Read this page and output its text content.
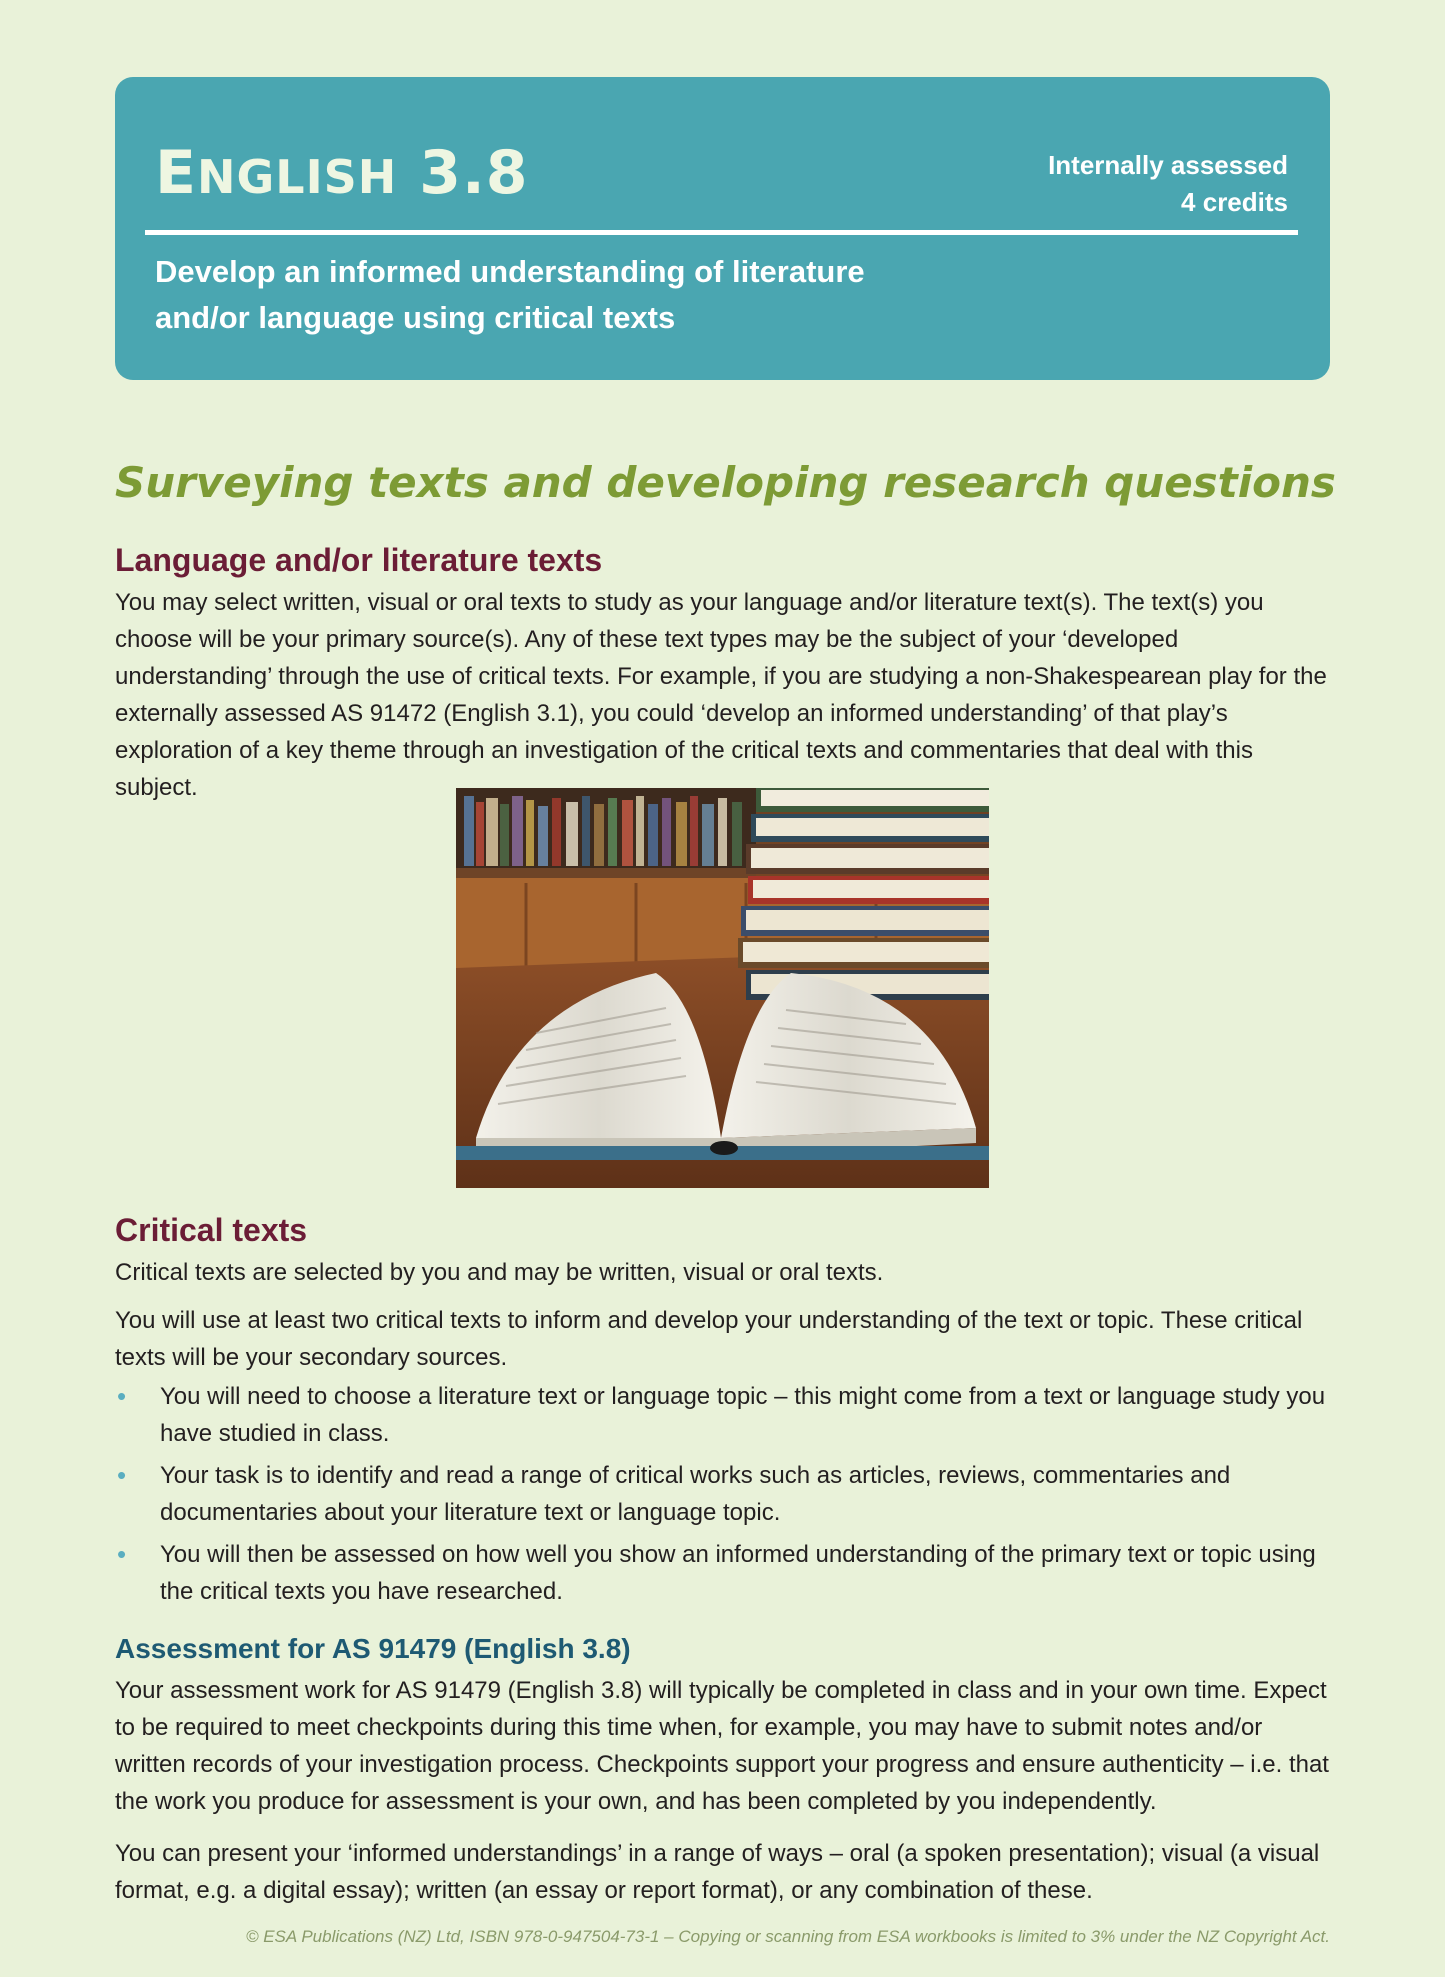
ENGLISH 3.8	Internally assessed
4 credits
Develop an informed understanding of literature
and/or language using critical texts
Surveying texts and developing research questions
Language and/or literature texts

You may select written, visual or oral texts to study as your language and/or literature text(s). The text(s) you choose will be your primary source(s). Any of these text types may be the subject of your ‘developed understanding’ through the use of critical texts. For example, if you are studying a non-Shakespearean play for the externally assessed AS 91472 (English 3.1), you could ‘develop an informed understanding’ of that play’s exploration of a key theme through an investigation of the critical texts and commentaries that deal with this subject.

Critical texts

Critical texts are selected by you and may be written, visual or oral texts.

You will use at least two critical texts to inform and develop your understanding of the text or topic. These critical texts will be your secondary sources.

• You will need to choose a literature text or language topic – this might come from a text or language study you have studied in class.
• Your task is to identify and read a range of critical works such as articles, reviews, commentaries and documentaries about your literature text or language topic.
• You will then be assessed on how well you show an informed understanding of the primary text or topic using the critical texts you have researched.
Assessment for AS 91479 (English 3.8)

Your assessment work for AS 91479 (English 3.8) will typically be completed in class and in your own time. Expect to be required to meet checkpoints during this time when, for example, you may have to submit notes and/or written records of your investigation process. Checkpoints support your progress and ensure authenticity – i.e. that the work you produce for assessment is your own, and has been completed by you independently.

You can present your ‘informed understandings’ in a range of ways – oral (a spoken presentation); visual (a visual format, e.g. a digital essay); written (an essay or report format), or any combination of these.

© ESA Publications (NZ) Ltd, ISBN 978-0-947504-73-1 – Copying or scanning from ESA workbooks is limited to 3% under the NZ Copyright Act.
